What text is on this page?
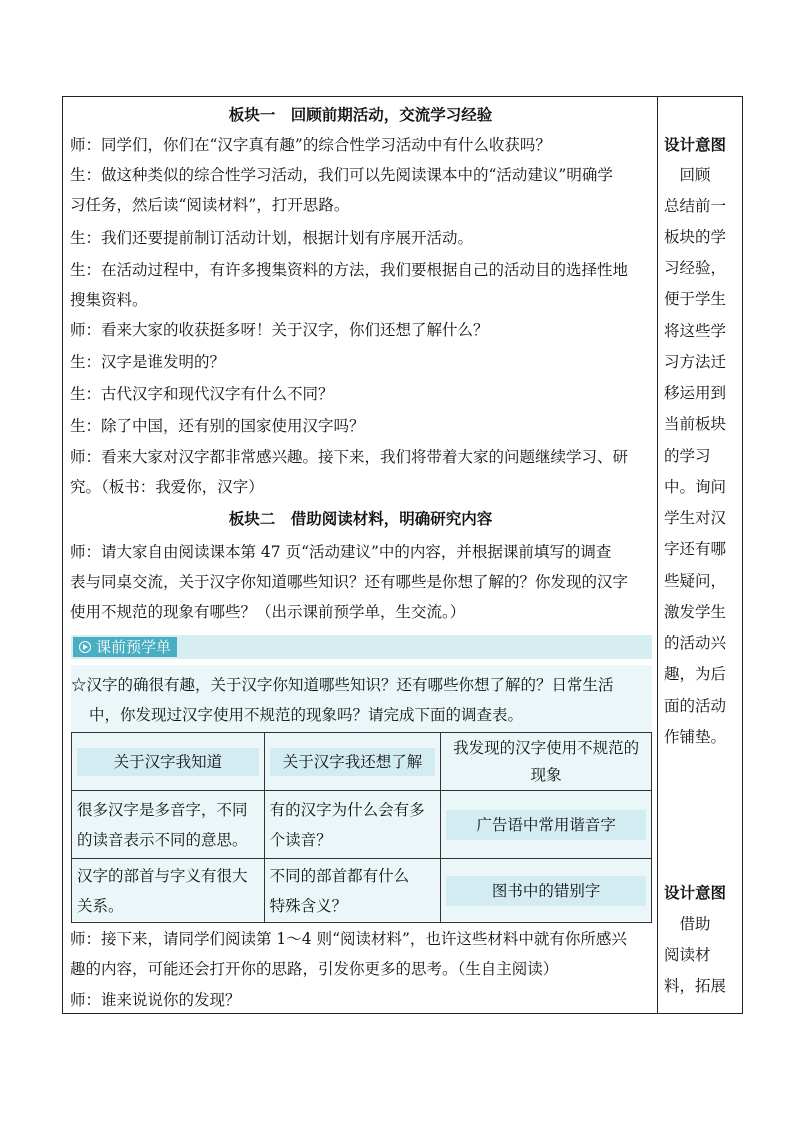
板块一　回顾前期活动，交流学习经验
师：同学们，你们在“汉字真有趣”的综合性学习活动中有什么收获吗？
生：做这种类似的综合性学习活动，我们可以先阅读课本中的“活动建议”明确学
习任务，然后读“阅读材料”，打开思路。
生：我们还要提前制订活动计划，根据计划有序展开活动。
生：在活动过程中，有许多搜集资料的方法，我们要根据自己的活动目的选择性地
搜集资料。
师：看来大家的收获挺多呀！关于汉字，你们还想了解什么？
生：汉字是谁发明的？
生：古代汉字和现代汉字有什么不同？
生：除了中国，还有别的国家使用汉字吗？
师：看来大家对汉字都非常感兴趣。接下来，我们将带着大家的问题继续学习、研
究。（板书：我爱你，汉字）
板块二　借助阅读材料，明确研究内容
师：请大家自由阅读课本第 47 页“活动建议”中的内容，并根据课前填写的调查
表与同桌交流，关于汉字你知道哪些知识？还有哪些是你想了解的？你发现的汉字
使用不规范的现象有哪些？（出示课前预学单，生交流。）
课前预学单
☆汉字的确很有趣，关于汉字你知道哪些知识？还有哪些你想了解的？日常生活
中，你发现过汉字使用不规范的现象吗？请完成下面的调查表。
关于汉字我知道	关于汉字我还想了解	我发现的汉字使用不规范的
现象

很多汉字是多音字，不同
的读音表示不同的意思。	有的汉字为什么会有多
个读音？	广告语中常用谐音字

汉字的部首与字义有很大
关系。	不同的部首都有什么
特殊含义？	图书中的错别字
师：接下来，请同学们阅读第 1～4 则“阅读材料”，也许这些材料中就有你所感兴
趣的内容，可能还会打开你的思路，引发你更多的思考。（生自主阅读）
师：谁来说说你的发现？
设计意图
　回顾
总结前一
板块的学
习经验，
便于学生
将这些学
习方法迁
移运用到
当前板块
的学习
中。询问
学生对汉
字还有哪
些疑问，
激发学生
的活动兴
趣，为后
面的活动
作铺垫。
设计意图
　借助
阅读材
料，拓展
